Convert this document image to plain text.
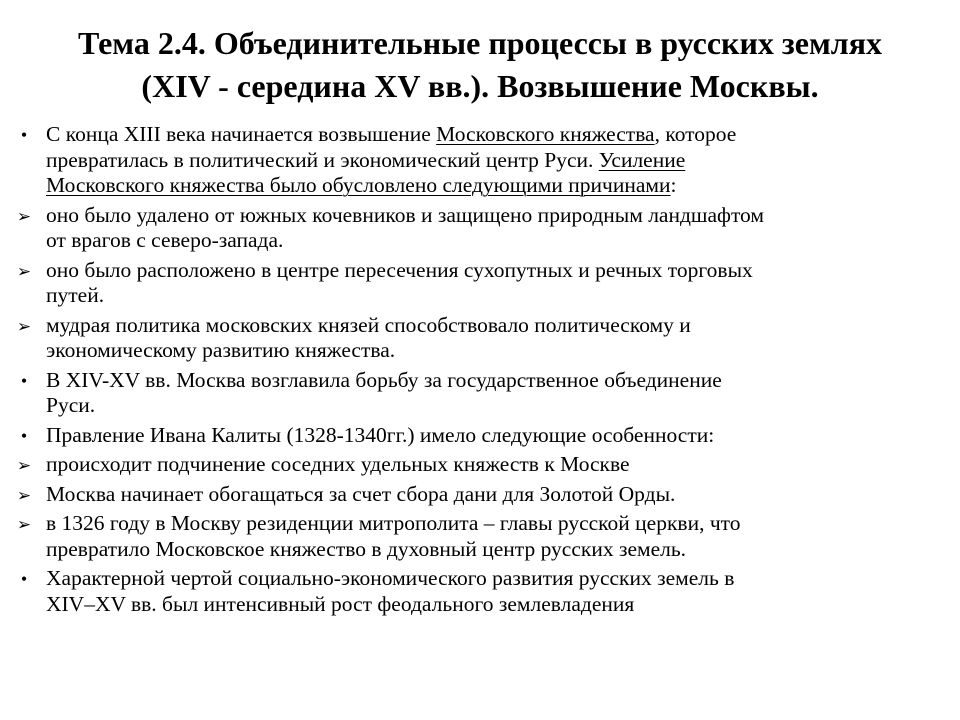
Тема 2.4. Объединительные процессы в русских землях
(XIV - середина XV вв.). Возвышение Москвы.
• С конца XIII века начинается возвышение Московского княжества, которое
превратилась в политический и экономический центр Руси. Усиление
Московского княжества было обусловлено следующими причинами:
➢ оно было удалено от южных кочевников и защищено природным ландшафтом
от врагов с северо-запада.
➢ оно было расположено в центре пересечения сухопутных и речных торговых
путей.
➢ мудрая политика московских князей способствовало политическому и
экономическому развитию княжества.
• В XIV-XV вв. Москва возглавила борьбу за государственное объединение
Руси.
• Правление Ивана Калиты (1328-1340гг.) имело следующие особенности:
➢ происходит подчинение соседних удельных княжеств к Москве
➢ Москва начинает обогащаться за счет сбора дани для Золотой Орды.
➢ в 1326 году в Москву резиденции митрополита – главы русской церкви, что
превратило Московское княжество в духовный центр русских земель.
• Характерной чертой социально-экономического развития русских земель в
XIV–XV вв. был интенсивный рост феодального землевладения
